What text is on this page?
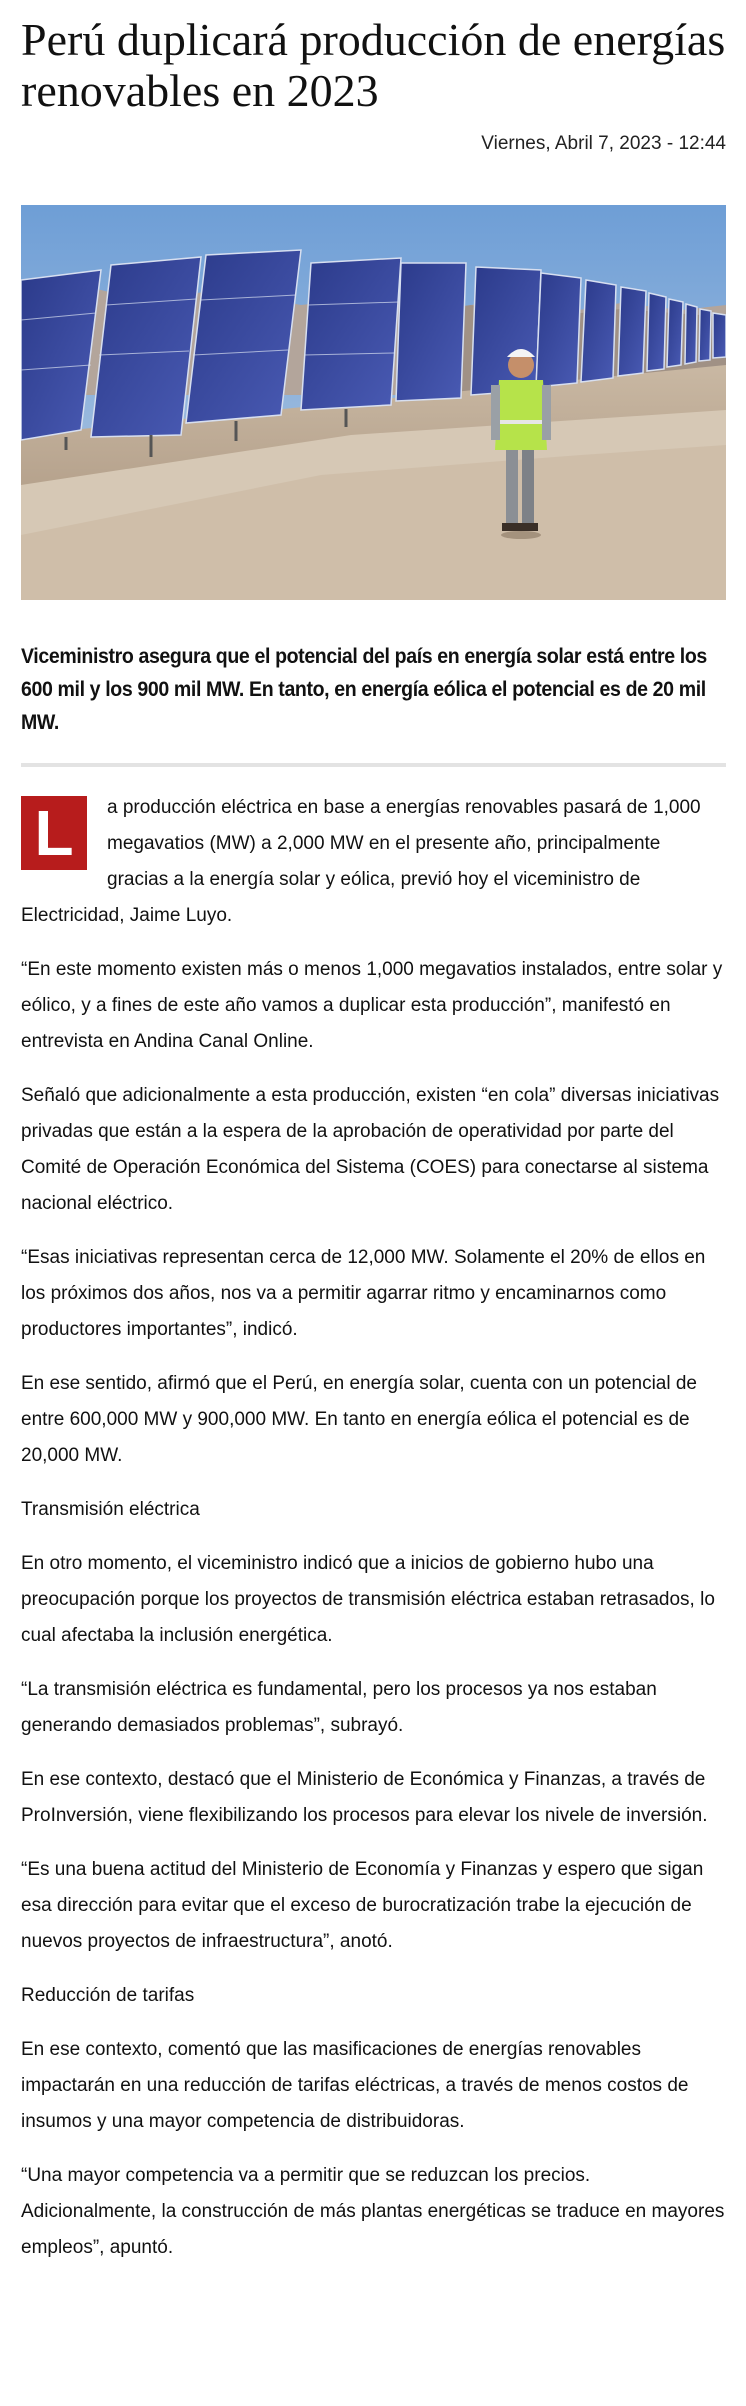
Perú duplicará producción de energías renovables en 2023
Viernes, Abril 7, 2023 - 12:44
Viceministro asegura que el potencial del país en energía solar está entre los 600 mil y los 900 mil MW. En tanto, en energía eólica el potencial es de 20 mil MW.

L	a producción eléctrica en base a energías renovables pasará de 1,000 megavatios (MW) a 2,000 MW en el presente año, principalmente gracias a la energía solar y eólica, previó hoy el viceministro de Electricidad, Jaime Luyo.

“En este momento existen más o menos 1,000 megavatios instalados, entre solar y eólico, y a fines de este año vamos a duplicar esta producción”, manifestó en entrevista en Andina Canal Online.

Señaló que adicionalmente a esta producción, existen “en cola” diversas iniciativas privadas que están a la espera de la aprobación de operatividad por parte del Comité de Operación Económica del Sistema (COES) para conectarse al sistema nacional eléctrico.

“Esas iniciativas representan cerca de 12,000 MW. Solamente el 20% de ellos en los próximos dos años, nos va a permitir agarrar ritmo y encaminarnos como productores importantes”, indicó.

En ese sentido, afirmó que el Perú, en energía solar, cuenta con un potencial de entre 600,000 MW y 900,000 MW. En tanto en energía eólica el potencial es de 20,000 MW.

Transmisión eléctrica

En otro momento, el viceministro indicó que a inicios de gobierno hubo una preocupación porque los proyectos de transmisión eléctrica estaban retrasados, lo cual afectaba la inclusión energética.

“La transmisión eléctrica es fundamental, pero los procesos ya nos estaban generando demasiados problemas”, subrayó.

En ese contexto, destacó que el Ministerio de Económica y Finanzas, a través de ProInversión, viene flexibilizando los procesos para elevar los nivele de inversión.

“Es una buena actitud del Ministerio de Economía y Finanzas y espero que sigan esa dirección para evitar que el exceso de burocratización trabe la ejecución de nuevos proyectos de infraestructura”, anotó.

Reducción de tarifas

En ese contexto, comentó que las masificaciones de energías renovables impactarán en una reducción de tarifas eléctricas, a través de menos costos de insumos y una mayor competencia de distribuidoras.

“Una mayor competencia va a permitir que se reduzcan los precios. Adicionalmente, la construcción de más plantas energéticas se traduce en mayores empleos”, apuntó.
